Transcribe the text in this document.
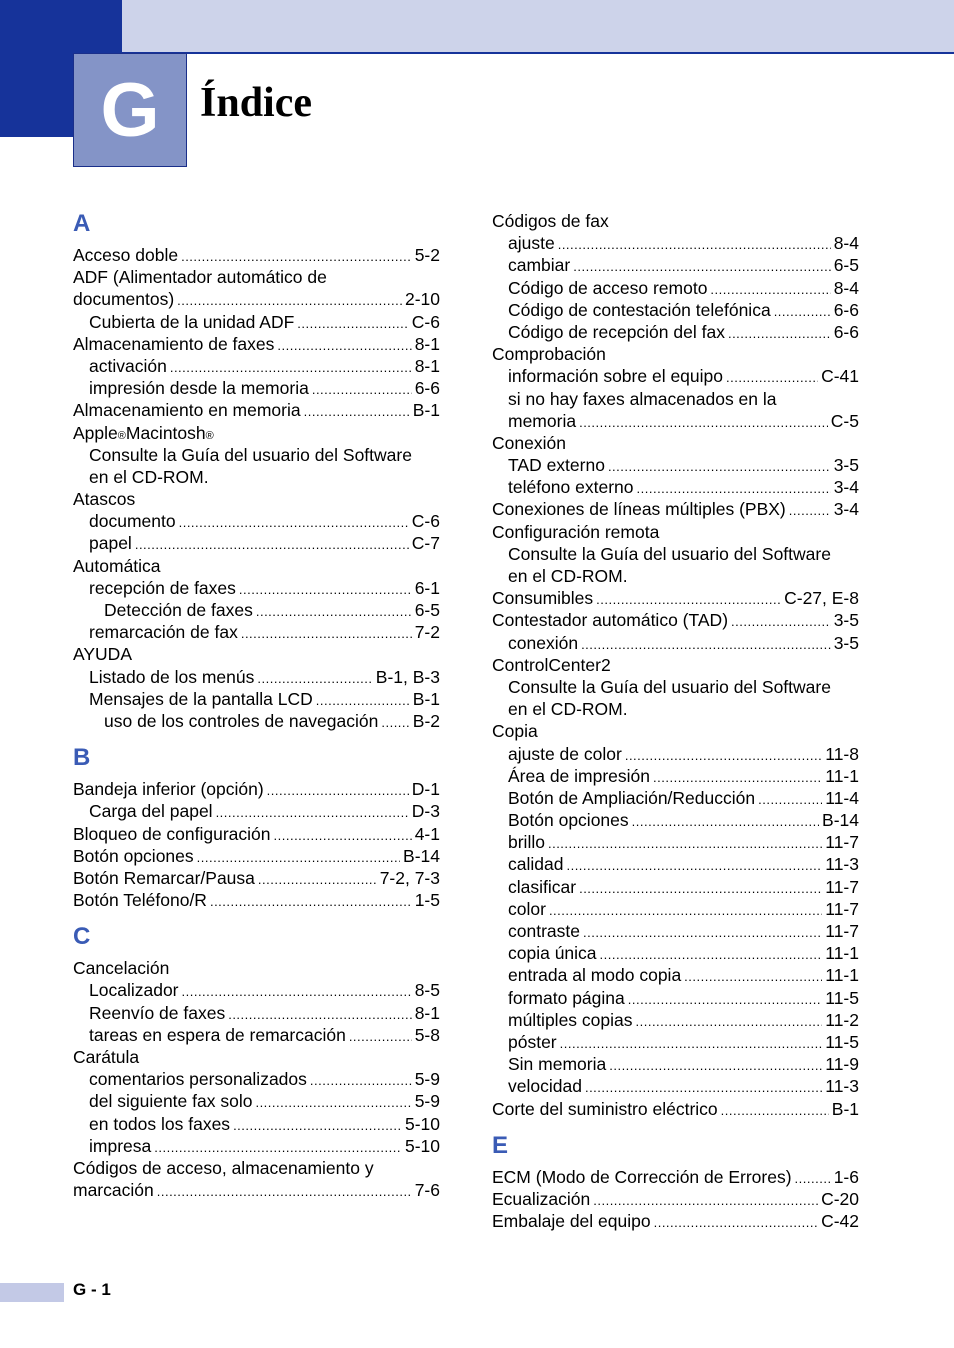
G Índice
A
Acceso doble .....	5-2
ADF (Alimentador automático de
documentos) .....	2-10
Cubierta de la unidad ADF .....	C-6
Almacenamiento de faxes .....	8-1
activación .....	8-1
impresión desde la memoria .....	6-6
Almacenamiento en memoria .....	B-1
Apple ® Macintosh ®
Consulte la Guía del usuario del Software
en el CD-ROM.
Atascos
documento .....	C-6
papel .....	C-7
Automática
recepción de faxes .....	6-1
Detección de faxes .....	6-5
remarcación de fax .....	7-2
AYUDA
Listado de los menús .....	B-1, B-3
Mensajes de la pantalla LCD .....	B-1
uso de los controles de navegación ..... B-2
B
Bandeja inferior (opción) .....	D-1
Carga del papel .....	D-3
Bloqueo de configuración .....	4-1
Botón opciones .....	B-14
Botón Remarcar/Pausa .....	7-2, 7-3
Botón Teléfono/R .....	1-5
C
Cancelación
Localizador .....	8-5
Reenvío de faxes .....	8-1
tareas en espera de remarcación .....	5-8
Carátula
comentarios personalizados .....	5-9
del siguiente fax solo .....	5-9
en todos los faxes .....	5-10
impresa .....	5-10
Códigos de acceso, almacenamiento y
marcación .....	7-6
Códigos de fax
ajuste .....	8-4
cambiar .....	6-5
Código de acceso remoto .....	8-4
Código de contestación telefónica .....	6-6
Código de recepción del fax .....	6-6
Comprobación
información sobre el equipo .....	C-41
si no hay faxes almacenados en la
memoria .....	C-5
Conexión
TAD externo .....	3-5
teléfono externo .....	3-4
Conexiones de líneas múltiples (PBX) .....	3-4
Configuración remota
Consulte la Guía del usuario del Software
en el CD-ROM.
Consumibles .....	C-27, E-8
Contestador automático (TAD) .....	3-5
conexión .....	3-5
ControlCenter2
Consulte la Guía del usuario del Software
en el CD-ROM.
Copia
ajuste de color .....	11-8
Área de impresión .....	11-1
Botón de Ampliación/Reducción .....	11-4
Botón opciones .....	B-14
brillo .....	11-7
calidad .....	11-3
clasificar .....	11-7
color .....	11-7
contraste .....	11-7
copia única .....	11-1
entrada al modo copia .....	11-1
formato página .....	11-5
múltiples copias .....	11-2
póster .....	11-5
Sin memoria .....	11-9
velocidad .....	11-3
Corte del suministro eléctrico .....	B-1
E
ECM (Modo de Corrección de Errores) ..... 1-6
Ecualización .....	C-20
Embalaje del equipo .....	C-42
G - 1
